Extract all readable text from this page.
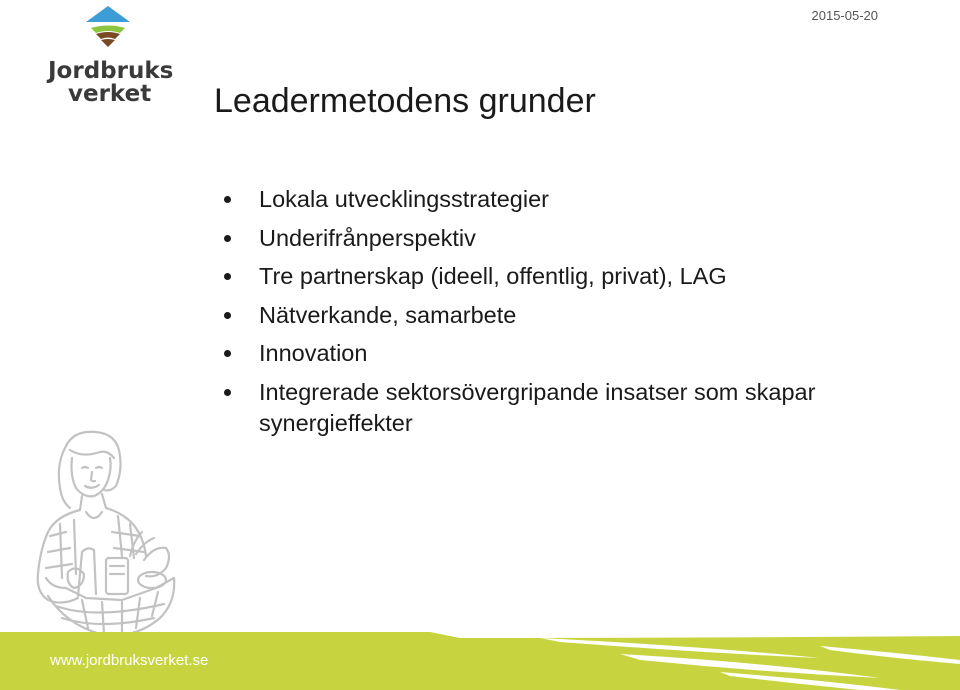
Jordbruks
verket
2015-05-20
Leadermetodens grunder
Lokala utvecklingsstrategier
Underifrånperspektiv
Tre partnerskap (ideell, offentlig, privat), LAG
Nätverkande, samarbete
Innovation
Integrerade sektorsövergripande insatser som skapar synergieffekter
www.jordbruksverket.se
